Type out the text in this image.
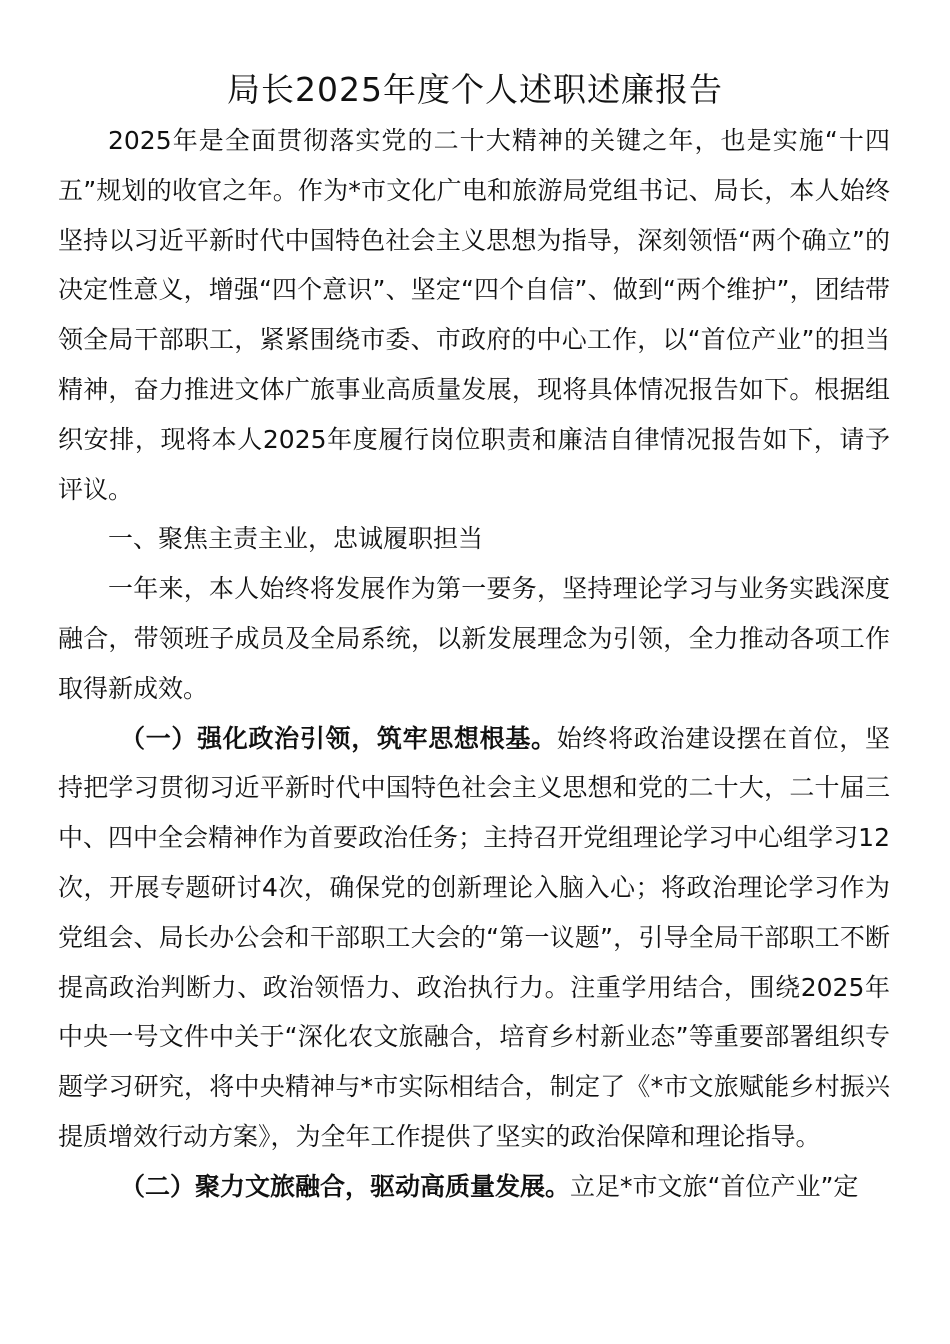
局长2025年度个人述职述廉报告

2025年是全面贯彻落实党的二十大精神的关键之年，也是实施“十四五”规划的收官之年。作为*市文化广电和旅游局党组书记、局长，本人始终坚持以习近平新时代中国特色社会主义思想为指导，深刻领悟“两个确立”的决定性意义，增强“四个意识”、坚定“四个自信”、做到“两个维护”，团结带领全局干部职工，紧紧围绕市委、市政府的中心工作，以“首位产业”的担当精神，奋力推进文体广旅事业高质量发展，现将具体情况报告如下。根据组织安排，现将本人2025年度履行岗位职责和廉洁自律情况报告如下，请予评议。

一、聚焦主责主业，忠诚履职担当

一年来，本人始终将发展作为第一要务，坚持理论学习与业务实践深度融合，带领班子成员及全局系统，以新发展理念为引领，全力推动各项工作取得新成效。

（一）强化政治引领，筑牢思想根基。始终将政治建设摆在首位，坚持把学习贯彻习近平新时代中国特色社会主义思想和党的二十大，二十届三中、四中全会精神作为首要政治任务；主持召开党组理论学习中心组学习12次，开展专题研讨4次，确保党的创新理论入脑入心；将政治理论学习作为党组会、局长办公会和干部职工大会的“第一议题”，引导全局干部职工不断提高政治判断力、政治领悟力、政治执行力。注重学用结合，围绕2025年中央一号文件中关于“深化农文旅融合，培育乡村新业态”等重要部署组织专题学习研究，将中央精神与*市实际相结合，制定了《*市文旅赋能乡村振兴提质增效行动方案》，为全年工作提供了坚实的政治保障和理论指导。

（二）聚力文旅融合，驱动高质量发展。立足*市文旅“首位产业”定
